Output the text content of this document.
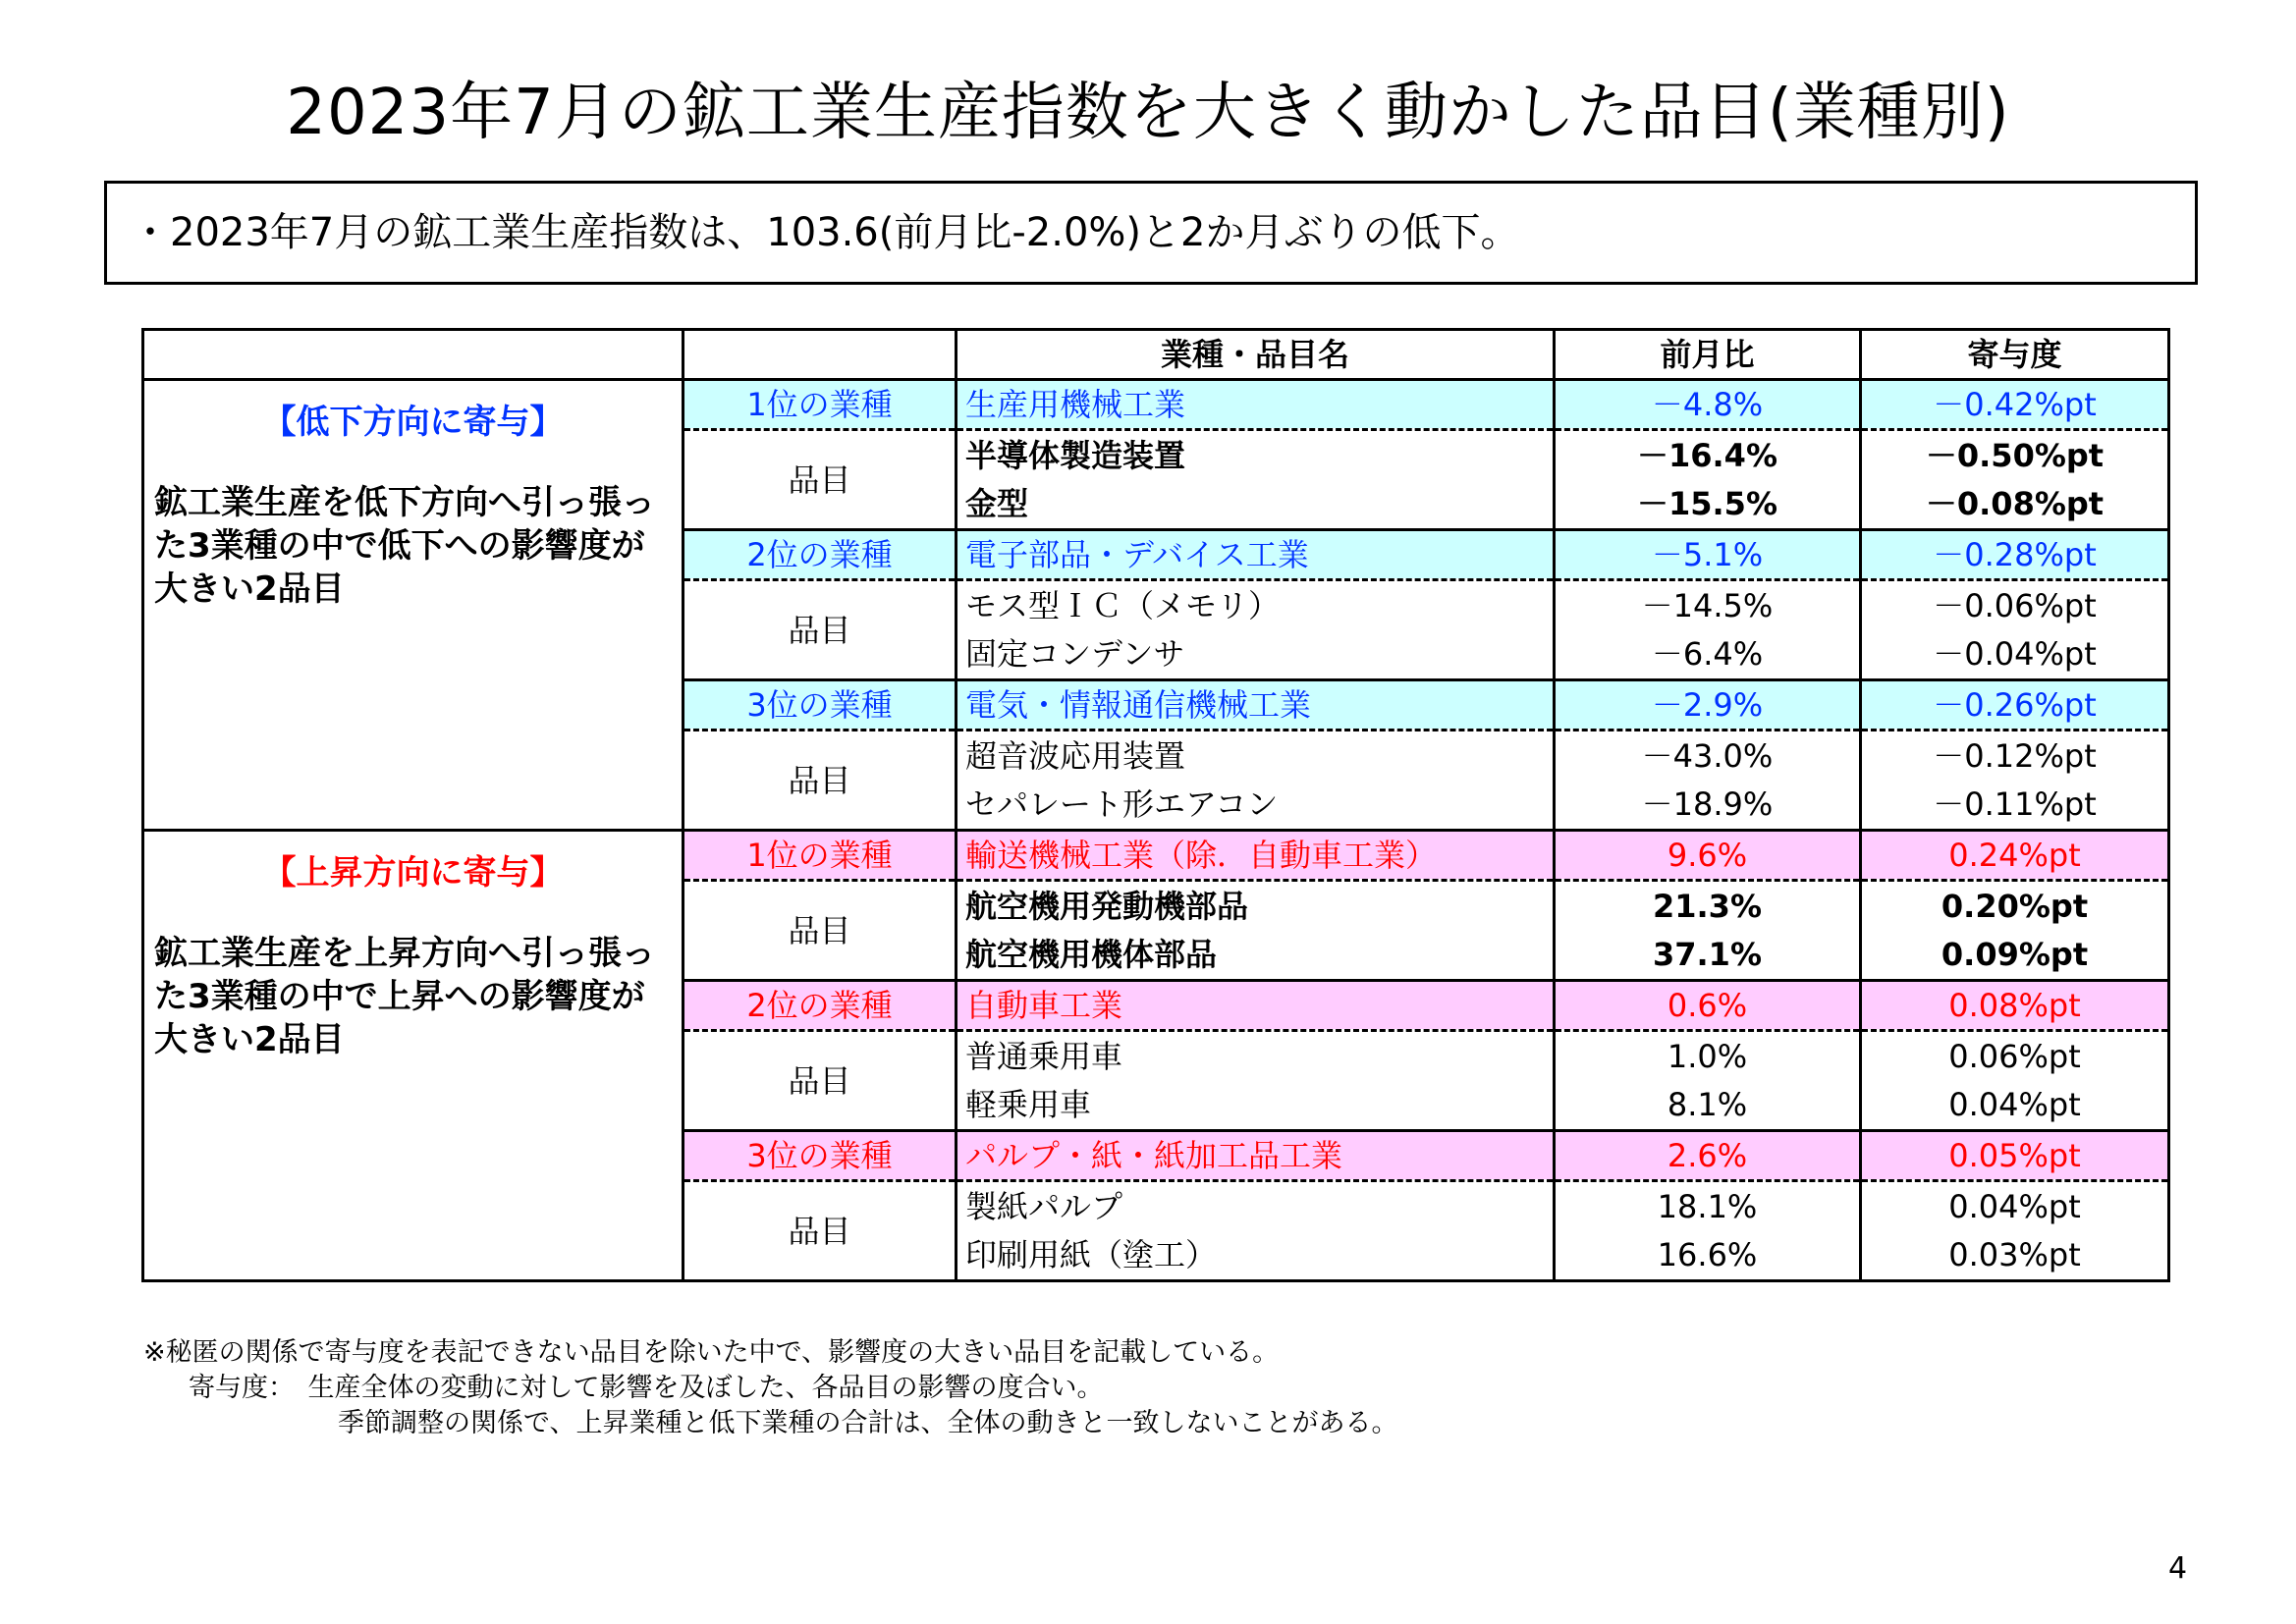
2023年7月の鉱工業生産指数を大きく動かした品目(業種別)
・2023年7月の鉱工業生産指数は、103.6(前月比-2.0%)と2か月ぶりの低下。
		業種・品目名	前月比	寄与度

【低下方向に寄与】
鉱工業生産を低下方向へ引っ張った3業種の中で低下への影響度が大きい2品目	1位の業種	生産用機械工業	－4.8%	－0.42%pt
	品目	半導体製造装置	－16.4%	－0.50%pt
		金型	－15.5%	－0.08%pt
	2位の業種	電子部品・デバイス工業	－5.1%	－0.28%pt
	品目	モス型ＩＣ（メモリ）	－14.5%	－0.06%pt
		固定コンデンサ	－6.4%	－0.04%pt
	3位の業種	電気・情報通信機械工業	－2.9%	－0.26%pt
	品目	超音波応用装置	－43.0%	－0.12%pt
		セパレート形エアコン	－18.9%	－0.11%pt

【上昇方向に寄与】
鉱工業生産を上昇方向へ引っ張った3業種の中で上昇への影響度が大きい2品目	1位の業種	輸送機械工業（除．自動車工業）	9.6%	0.24%pt
	品目	航空機用発動機部品	21.3%	0.20%pt
		航空機用機体部品	37.1%	0.09%pt
	2位の業種	自動車工業	0.6%	0.08%pt
	品目	普通乗用車	1.0%	0.06%pt
		軽乗用車	8.1%	0.04%pt
	3位の業種	パルプ・紙・紙加工品工業	2.6%	0.05%pt
	品目	製紙パルプ	18.1%	0.04%pt
		印刷用紙（塗工）	16.6%	0.03%pt
※秘匿の関係で寄与度を表記できない品目を除いた中で、影響度の大きい品目を記載している。
寄与度：　生産全体の変動に対して影響を及ぼした、各品目の影響の度合い。
季節調整の関係で、上昇業種と低下業種の合計は、全体の動きと一致しないことがある。
4
